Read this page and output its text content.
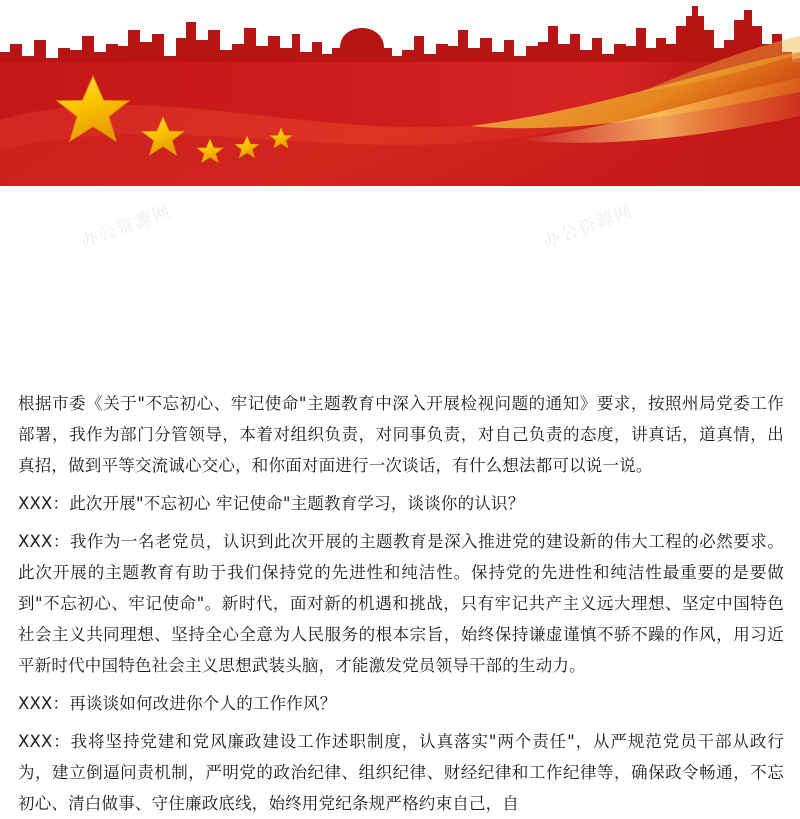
办公资源网	办公资源网

根据市委《关于"不忘初心、牢记使命"主题教育中深入开展检视问题的通知》要求，按照州局党委工作部署，我作为部门分管领导，本着对组织负责，对同事负责，对自己负责的态度，讲真话，道真情，出真招，做到平等交流诚心交心，和你面对面进行一次谈话，有什么想法都可以说一说。

XXX：此次开展"不忘初心 牢记使命"主题教育学习，谈谈你的认识？

XXX：我作为一名老党员，认识到此次开展的主题教育是深入推进党的建设新的伟大工程的必然要求。此次开展的主题教育有助于我们保持党的先进性和纯洁性。保持党的先进性和纯洁性最重要的是要做到"不忘初心、牢记使命"。新时代，面对新的机遇和挑战，只有牢记共产主义远大理想、坚定中国特色社会主义共同理想、坚持全心全意为人民服务的根本宗旨，始终保持谦虚谨慎不骄不躁的作风，用习近平新时代中国特色社会主义思想武装头脑，才能激发党员领导干部的生动力。

XXX：再谈谈如何改进你个人的工作作风？

XXX：我将坚持党建和党风廉政建设工作述职制度，认真落实"两个责任"，从严规范党员干部从政行为，建立倒逼问责机制，严明党的政治纪律、组织纪律、财经纪律和工作纪律等，确保政令畅通，不忘初心、清白做事、守住廉政底线，始终用党纪条规严格约束自己，自
